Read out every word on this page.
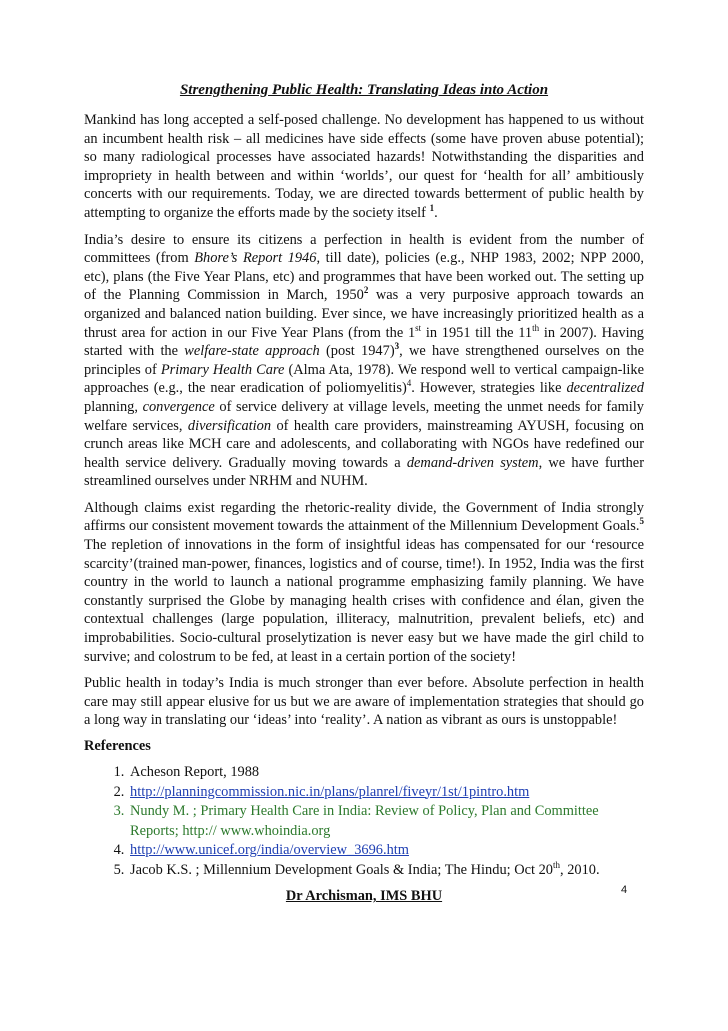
Strengthening Public Health: Translating Ideas into Action

Mankind has long accepted a self-posed challenge. No development has happened to us without an incumbent health risk – all medicines have side effects (some have proven abuse potential); so many radiological processes have associated hazards! Notwithstanding the disparities and impropriety in health between and within ‘worlds’, our quest for ‘health for all’ ambitiously concerts with our requirements. Today, we are directed towards betterment of public health by attempting to organize the efforts made by the society itself $^1$.

India’s desire to ensure its citizens a perfection in health is evident from the number of committees (from Bhore’s Report 1946, till date), policies (e.g., NHP 1983, 2002; NPP 2000, etc), plans (the Five Year Plans, etc) and programmes that have been worked out. The setting up of the Planning Commission in March, 1950$^2$ was a very purposive approach towards an organized and balanced nation building. Ever since, we have increasingly prioritized health as a thrust area for action in our Five Year Plans (from the 1st in 1951 till the 11th in 2007). Having started with the welfare-state approach (post 1947)$^3$, we have strengthened ourselves on the principles of Primary Health Care (Alma Ata, 1978). We respond well to vertical campaign-like approaches (e.g., the near eradication of poliomyelitis)$^4$. However, strategies like decentralized planning, convergence of service delivery at village levels, meeting the unmet needs for family welfare services, diversification of health care providers, mainstreaming AYUSH, focusing on crunch areas like MCH care and adolescents, and collaborating with NGOs have redefined our health service delivery. Gradually moving towards a demand-driven system, we have further streamlined ourselves under NRHM and NUHM.

Although claims exist regarding the rhetoric-reality divide, the Government of India strongly affirms our consistent movement towards the attainment of the Millennium Development Goals.$^5$ The repletion of innovations in the form of insightful ideas has compensated for our ‘resource scarcity’(trained man-power, finances, logistics and of course, time!). In 1952, India was the first country in the world to launch a national programme emphasizing family planning. We have constantly surprised the Globe by managing health crises with confidence and élan, given the contextual challenges (large population, illiteracy, malnutrition, prevalent beliefs, etc) and improbabilities. Socio-cultural proselytization is never easy but we have made the girl child to survive; and colostrum to be fed, at least in a certain portion of the society!

Public health in today’s India is much stronger than ever before. Absolute perfection in health care may still appear elusive for us but we are aware of implementation strategies that should go a long way in translating our ‘ideas’ into ‘reality’. A nation as vibrant as ours is unstoppable!

References
1. Acheson Report, 1988
2. http://planningcommission.nic.in/plans/planrel/fiveyr/1st/1pintro.htm
3. Nundy M. ; Primary Health Care in India: Review of Policy, Plan and Committee Reports; http:// www.whoindia.org
4. http://www.unicef.org/india/overview_3696.htm
5. Jacob K.S. ; Millennium Development Goals & India; The Hindu; Oct 20th, 2010.
Dr Archisman, IMS BHU	4
